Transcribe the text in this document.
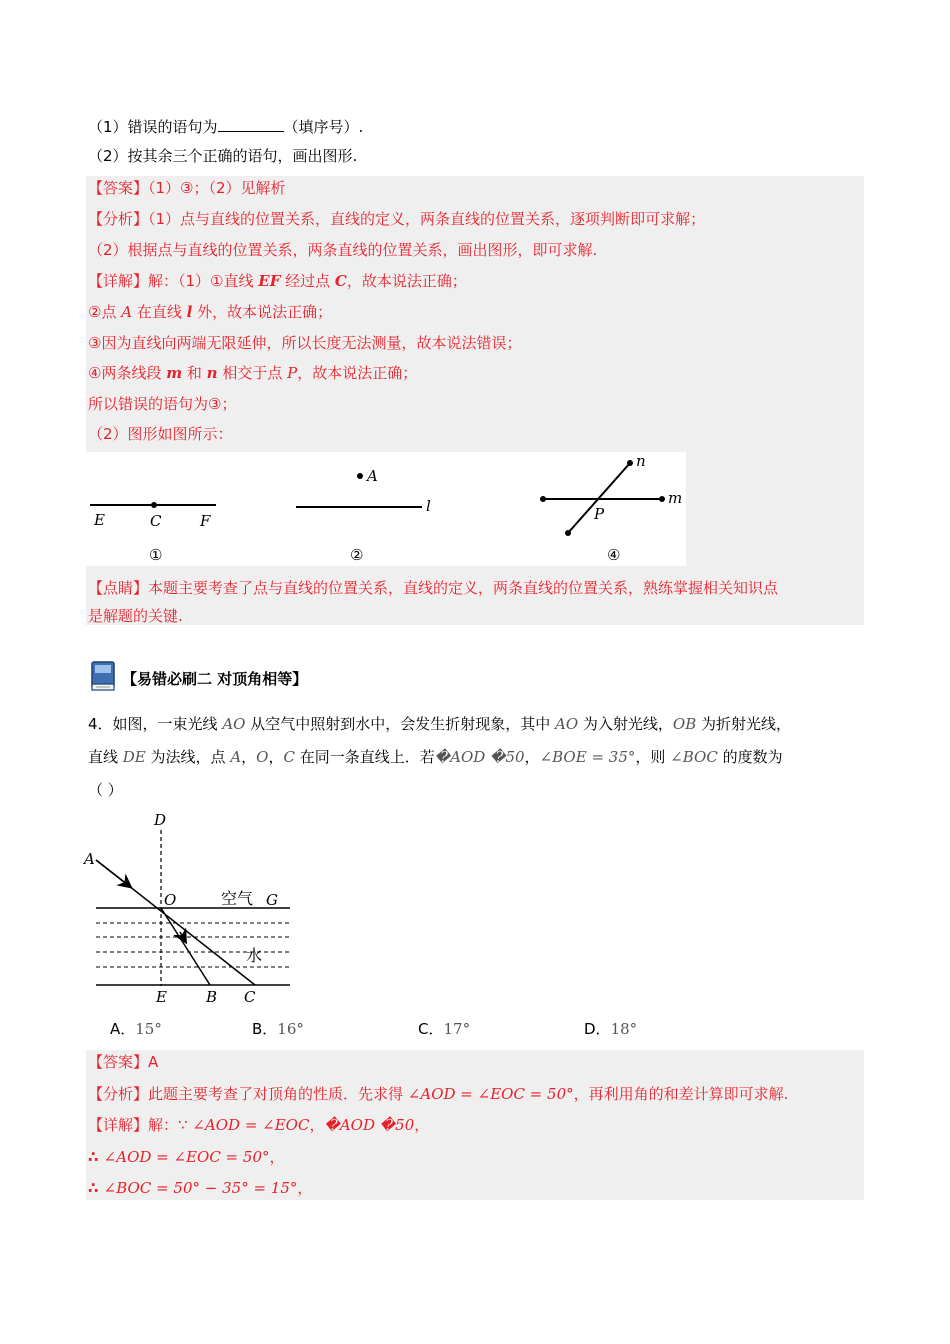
（1）错误的语句为	（填序号）.
（2）按其余三个正确的语句，画出图形.
【答案】（1）③；（2）见解析
【分析】（1）点与直线的位置关系，直线的定义，两条直线的位置关系，逐项判断即可求解；
（2）根据点与直线的位置关系，两条直线的位置关系，画出图形，即可求解.
【详解】解：（1）①直线 EF 经过点 C，故本说法正确；
②点 A 在直线 l 外，故本说法正确；
③因为直线向两端无限延伸，所以长度无法测量，故本说法错误；
④两条线段 m 和 n 相交于点 P，故本说法正确；
所以错误的语句为③；
（2）图形如图所示：
E	C	F
①
A
l
②
n
m
P
④
【点睛】本题主要考查了点与直线的位置关系，直线的定义，两条直线的位置关系，熟练掌握相关知识点
是解题的关键.
【易错必刷二 对顶角相等】
4．如图，一束光线 AO 从空气中照射到水中，会发生折射现象，其中 AO 为入射光线，OB 为折射光线，
直线 DE 为法线，点 A，O，C 在同一条直线上．若�AOD �50，∠BOE = 35°，则 ∠BOC 的度数为
（ ）
D
A
O	空气 G
水
E	B C
A．15°	B．16°	C．17°	D．18°
【答案】A
【分析】此题主要考查了对顶角的性质．先求得 ∠AOD = ∠EOC = 50°，再利用角的和差计算即可求解.
【详解】解：∵ ∠AOD = ∠EOC，�AOD �50，
∴ ∠AOD = ∠EOC = 50°，
∴ ∠BOC = 50° − 35° = 15°，
